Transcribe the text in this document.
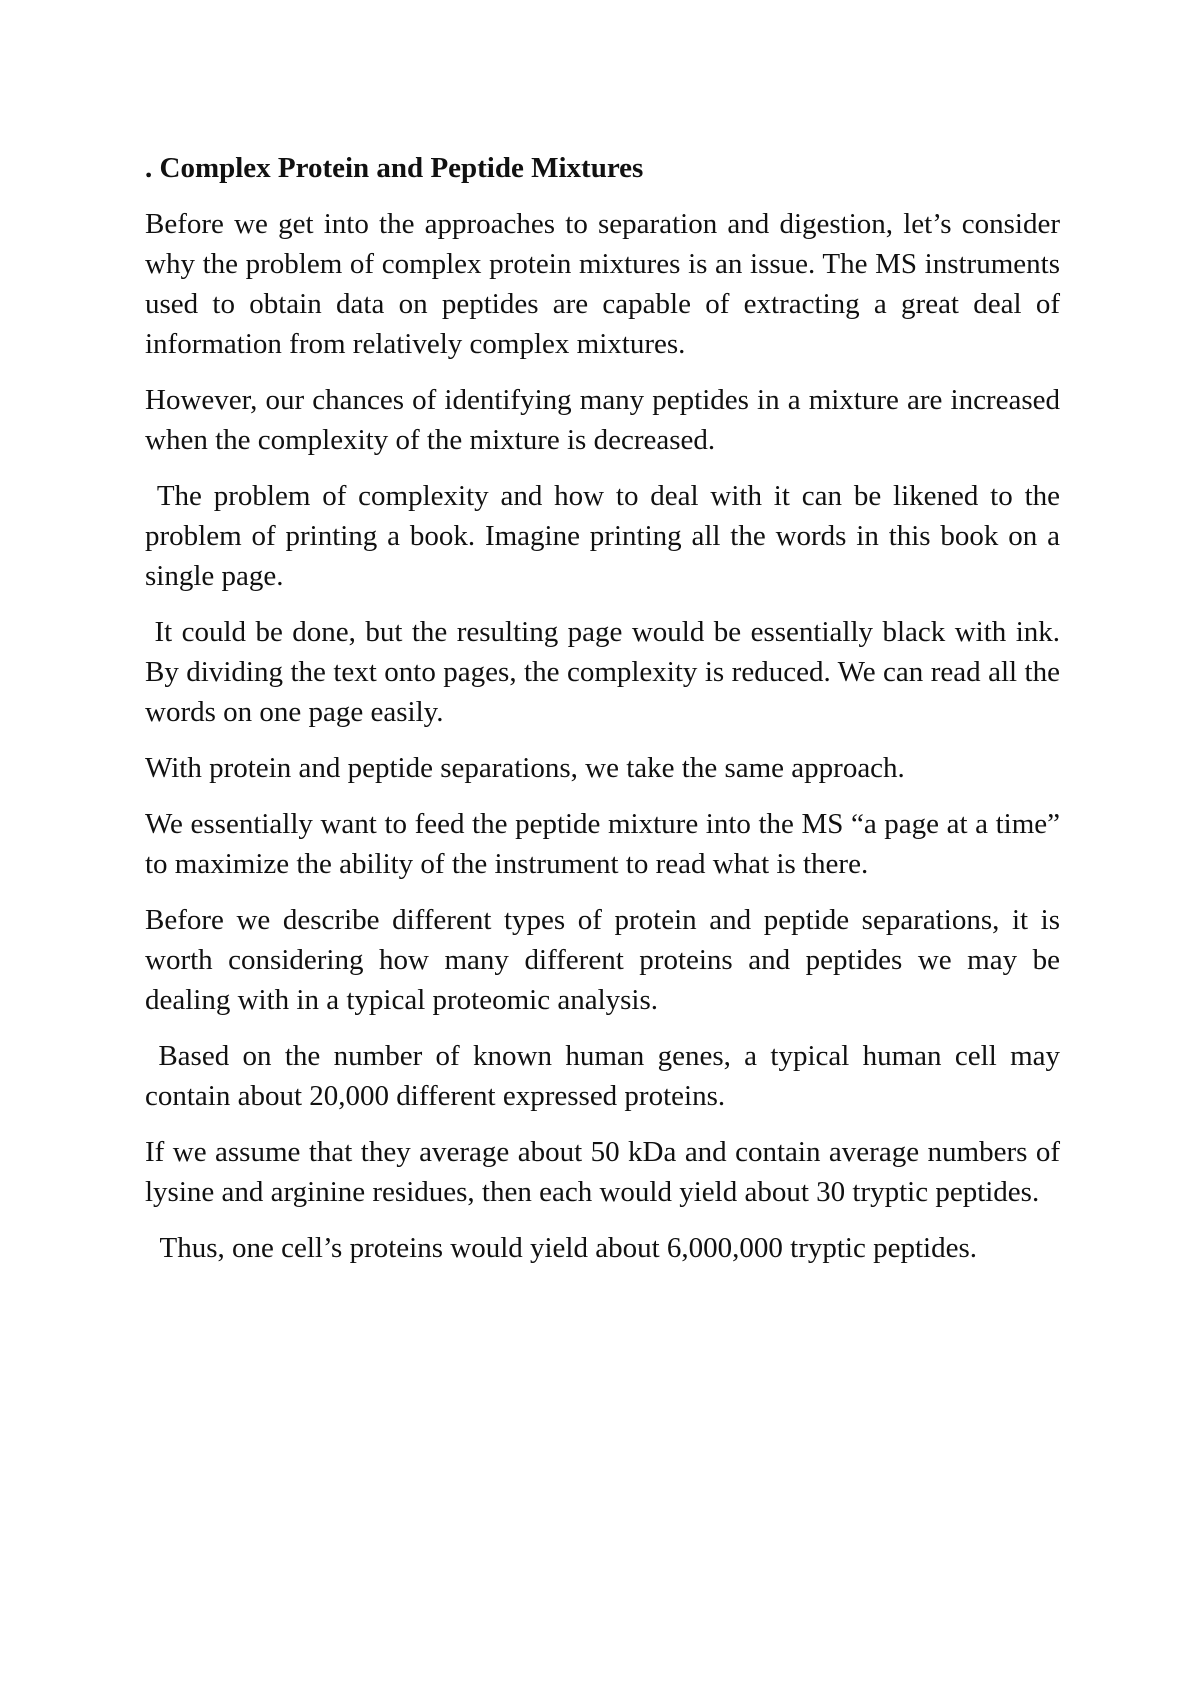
. Complex Protein and Peptide Mixtures

Before we get into the approaches to separation and digestion, let’s consider why the problem of complex protein mixtures is an issue. The MS instruments used to obtain data on peptides are capable of extracting a great deal of information from relatively complex mixtures.

However, our chances of identifying many peptides in a mixture are increased when the complexity of the mixture is decreased.

The problem of complexity and how to deal with it can be likened to the problem of printing a book. Imagine printing all the words in this book on a single page.

It could be done, but the resulting page would be essentially black with ink. By dividing the text onto pages, the complexity is reduced. We can read all the words on one page easily.

With protein and peptide separations, we take the same approach.

We essentially want to feed the peptide mixture into the MS “a page at a time” to maximize the ability of the instrument to read what is there.

Before we describe different types of protein and peptide separations, it is worth considering how many different proteins and peptides we may be dealing with in a typical proteomic analysis.

Based on the number of known human genes, a typical human cell may contain about 20,000 different expressed proteins.

If we assume that they average about 50 kDa and contain average numbers of lysine and arginine residues, then each would yield about 30 tryptic peptides.

Thus, one cell’s proteins would yield about 6,000,000 tryptic peptides.
